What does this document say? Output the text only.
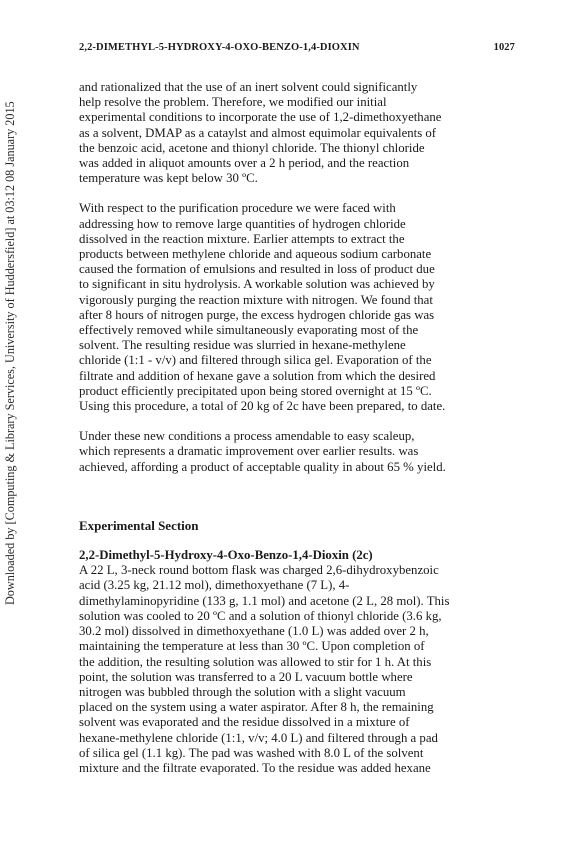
2,2-DIMETHYL-5-HYDROXY-4-OXO-BENZO-1,4-DIOXIN	1027
Downloaded by [Computing & Library Services, University of Huddersfield] at 03:12 08 January 2015

and rationalized that the use of an inert solvent could significantly
help resolve the problem. Therefore, we modified our initial
experimental conditions to incorporate the use of 1,2-dimethoxyethane
as a solvent, DMAP as a cataylst and almost equimolar equivalents of
the benzoic acid, acetone and thionyl chloride. The thionyl chloride
was added in aliquot amounts over a 2 h period, and the reaction
temperature was kept below 30 ºC.

With respect to the purification procedure we were faced with
addressing how to remove large quantities of hydrogen chloride
dissolved in the reaction mixture. Earlier attempts to extract the
products between methylene chloride and aqueous sodium carbonate
caused the formation of emulsions and resulted in loss of product due
to significant in situ hydrolysis. A workable solution was achieved by
vigorously purging the reaction mixture with nitrogen. We found that
after 8 hours of nitrogen purge, the excess hydrogen chloride gas was
effectively removed while simultaneously evaporating most of the
solvent. The resulting residue was slurried in hexane-methylene
chloride (1:1 - v/v) and filtered through silica gel. Evaporation of the
filtrate and addition of hexane gave a solution from which the desired
product efficiently precipitated upon being stored overnight at 15 ºC.
Using this procedure, a total of 20 kg of 2c have been prepared, to date.

Under these new conditions a process amendable to easy scaleup,
which represents a dramatic improvement over earlier results. was
achieved, affording a product of acceptable quality in about 65 % yield.

Experimental Section

2,2-Dimethyl-5-Hydroxy-4-Oxo-Benzo-1,4-Dioxin (2c)

A 22 L, 3-neck round bottom flask was charged 2,6-dihydroxybenzoic
acid (3.25 kg, 21.12 mol), dimethoxyethane (7 L), 4-
dimethylaminopyridine (133 g, 1.1 mol) and acetone (2 L, 28 mol). This
solution was cooled to 20 ºC and a solution of thionyl chloride (3.6 kg,
30.2 mol) dissolved in dimethoxyethane (1.0 L) was added over 2 h,
maintaining the temperature at less than 30 ºC. Upon completion of
the addition, the resulting solution was allowed to stir for 1 h. At this
point, the solution was transferred to a 20 L vacuum bottle where
nitrogen was bubbled through the solution with a slight vacuum
placed on the system using a water aspirator. After 8 h, the remaining
solvent was evaporated and the residue dissolved in a mixture of
hexane-methylene chloride (1:1, v/v; 4.0 L) and filtered through a pad
of silica gel (1.1 kg). The pad was washed with 8.0 L of the solvent
mixture and the filtrate evaporated. To the residue was added hexane
